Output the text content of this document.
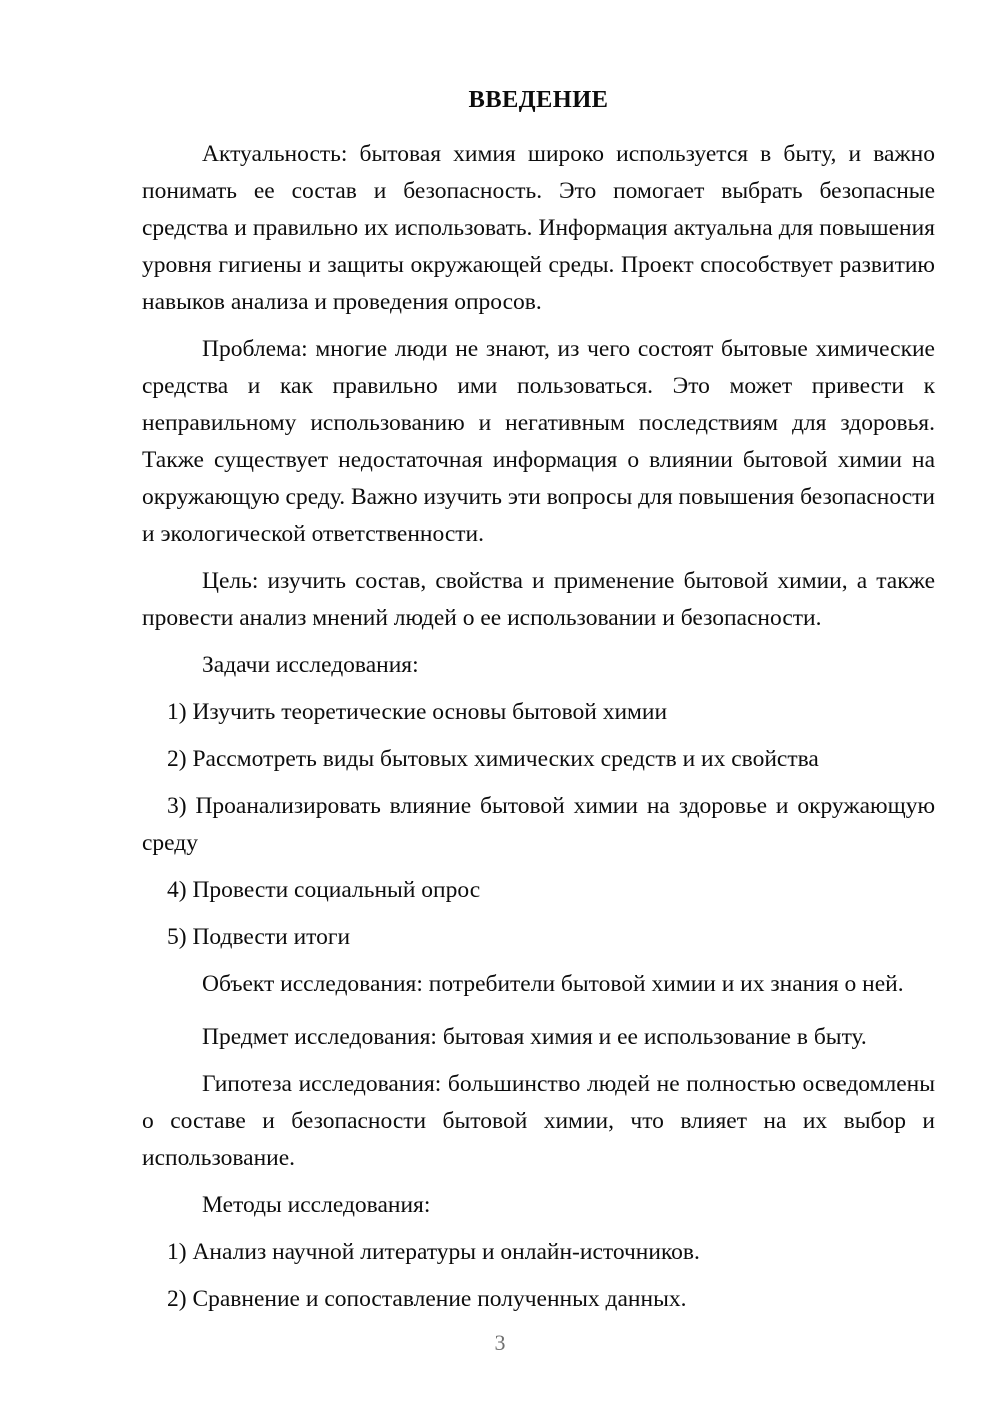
ВВЕДЕНИЕ

Актуальность: бытовая химия широко используется в быту, и важно понимать ее состав и безопасность. Это помогает выбрать безопасные средства и правильно их использовать. Информация актуальна для повышения уровня гигиены и защиты окружающей среды. Проект способствует развитию навыков анализа и проведения опросов.

Проблема: многие люди не знают, из чего состоят бытовые химические средства и как правильно ими пользоваться. Это может привести к неправильному использованию и негативным последствиям для здоровья. Также существует недостаточная информация о влиянии бытовой химии на окружающую среду. Важно изучить эти вопросы для повышения безопасности и экологической ответственности.

Цель: изучить состав, свойства и применение бытовой химии, а также провести анализ мнений людей о ее использовании и безопасности.

Задачи исследования:

1) Изучить теоретические основы бытовой химии

2) Рассмотреть виды бытовых химических средств и их свойства

3) Проанализировать влияние бытовой химии на здоровье и окружающую среду

4) Провести социальный опрос

5) Подвести итоги

Объект исследования: потребители бытовой химии и их знания о ней.

Предмет исследования: бытовая химия и ее использование в быту.

Гипотеза исследования: большинство людей не полностью осведомлены о составе и безопасности бытовой химии, что влияет на их выбор и использование.

Методы исследования:

1) Анализ научной литературы и онлайн-источников.

2) Сравнение и сопоставление полученных данных.

3
